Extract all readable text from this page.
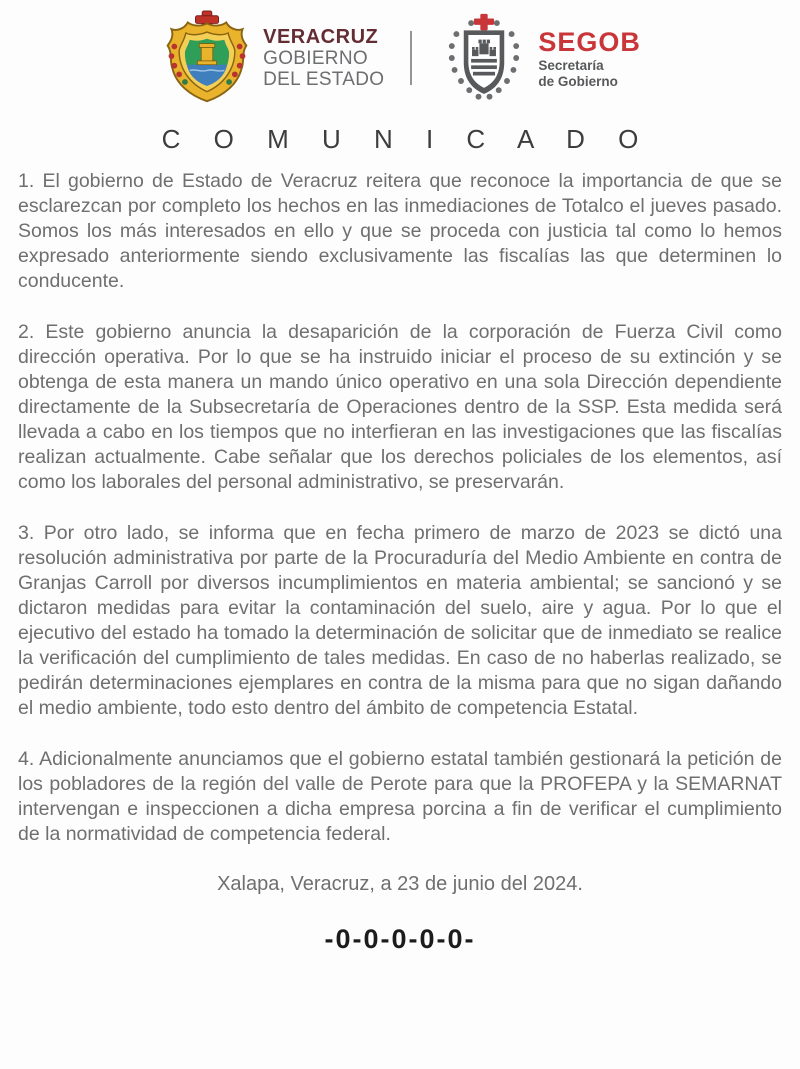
VERACRUZ
GOBIERNO
DEL ESTADO
SEGOB
Secretaría
de Gobierno
C O M U N I C A D O

1. El gobierno de Estado de Veracruz reitera que reconoce la importancia de que se esclarezcan por completo los hechos en las inmediaciones de Totalco el jueves pasado. Somos los más interesados en ello y que se proceda con justicia tal como lo hemos expresado anteriormente siendo exclusivamente las fiscalías las que determinen lo conducente.

2. Este gobierno anuncia la desaparición de la corporación de Fuerza Civil como dirección operativa. Por lo que se ha instruido iniciar el proceso de su extinción y se obtenga de esta manera un mando único operativo en una sola Dirección dependiente directamente de la Subsecretaría de Operaciones dentro de la SSP. Esta medida será llevada a cabo en los tiempos que no interfieran en las investigaciones que las fiscalías realizan actualmente. Cabe señalar que los derechos policiales de los elementos, así como los laborales del personal administrativo, se preservarán.

3. Por otro lado, se informa que en fecha primero de marzo de 2023 se dictó una resolución administrativa por parte de la Procuraduría del Medio Ambiente en contra de Granjas Carroll por diversos incumplimientos en materia ambiental; se sancionó y se dictaron medidas para evitar la contaminación del suelo, aire y agua. Por lo que el ejecutivo del estado ha tomado la determinación de solicitar que de inmediato se realice la verificación del cumplimiento de tales medidas. En caso de no haberlas realizado, se pedirán determinaciones ejemplares en contra de la misma para que no sigan dañando el medio ambiente, todo esto dentro del ámbito de competencia Estatal.

4. Adicionalmente anunciamos que el gobierno estatal también gestionará la petición de los pobladores de la región del valle de Perote para que la PROFEPA y la SEMARNAT intervengan e inspeccionen a dicha empresa porcina a fin de verificar el cumplimiento de la normatividad de competencia federal.

Xalapa, Veracruz, a 23 de junio del 2024.

-0-0-0-0-0-
